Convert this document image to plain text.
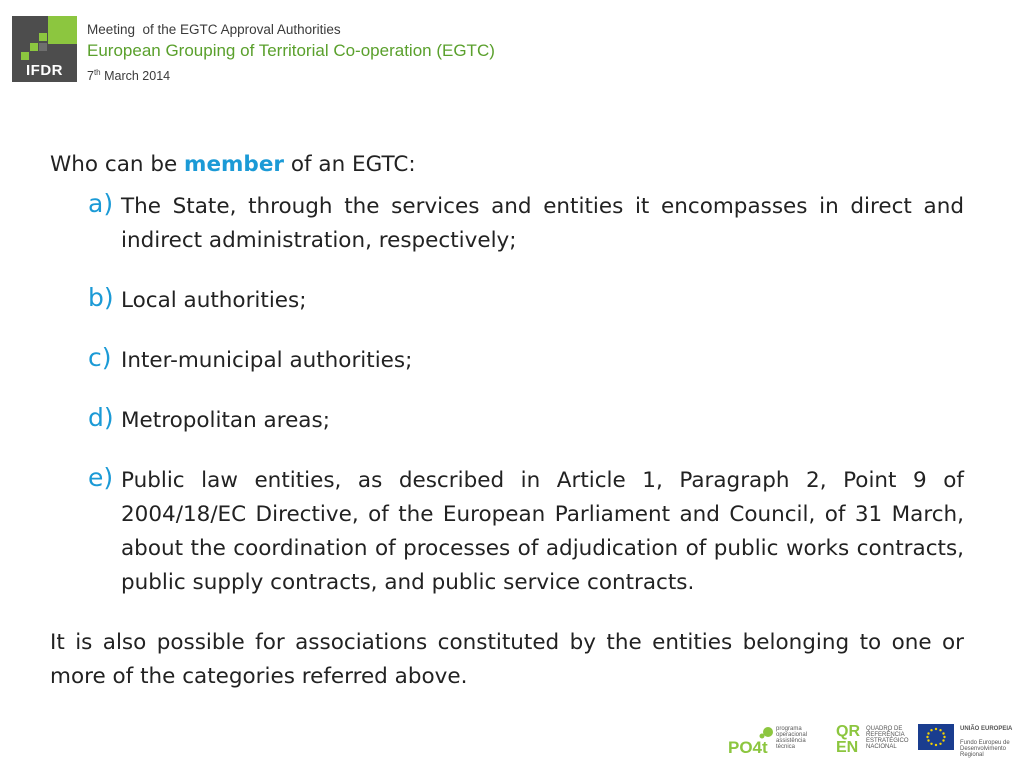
IFDR
Meeting  of the EGTC Approval Authorities
European Grouping of Territorial Co-operation (EGTC)
7th March 2014

Who can be member of an EGTC:

a) The State, through the services and entities it encompasses in direct and indirect administration, respectively;
b) Local authorities;
c) Inter-municipal authorities;
d) Metropolitan areas;
e) Public law entities, as described in Article 1, Paragraph 2, Point 9 of 2004/18/EC Directive, of the European Parliament and Council, of 31 March, about the coordination of processes of adjudication of public works contracts, public supply contracts, and public service contracts.

It is also possible for associations constituted by the entities belonging to one or more of the categories referred above.

PO4t
programa operacional assistência técnica
QR EN
QUADRO DE REFERÊNCIA ESTRATÉGICO NACIONAL
UNIÃO EUROPEIA
Fundo Europeu de Desenvolvimento Regional
